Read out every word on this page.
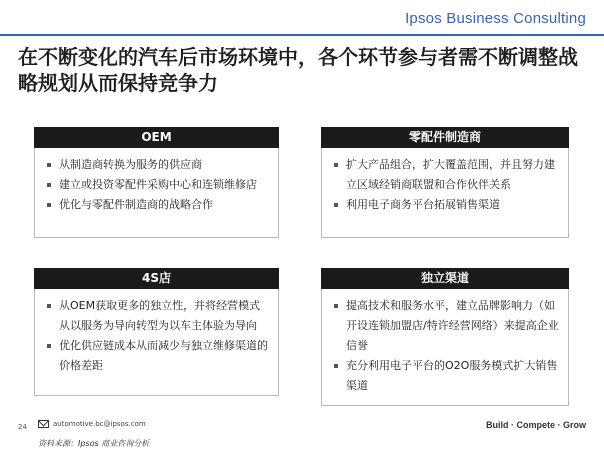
Ipsos Business Consulting
在不断变化的汽车后市场环境中，各个环节参与者需不断调整战略规划从而保持竞争力
OEM
从制造商转换为服务的供应商
建立或投资零配件采购中心和连锁维修店
优化与零配件制造商的战略合作
零配件制造商
扩大产品组合，扩大覆盖范围，并且努力建立区域经销商联盟和合作伙伴关系
利用电子商务平台拓展销售渠道
4S店
从OEM获取更多的独立性，并将经营模式从以服务为导向转型为以车主体验为导向
优化供应链成本从而减少与独立维修渠道的价格差距
独立渠道
提高技术和服务水平，建立品牌影响力（如开设连锁加盟店/特许经营网络）来提高企业信誉
充分利用电子平台的O2O服务模式扩大销售渠道
24	automotive.bc@ipsos.com	Build · Compete · Grow
资料来源：Ipsos 商业咨询分析
